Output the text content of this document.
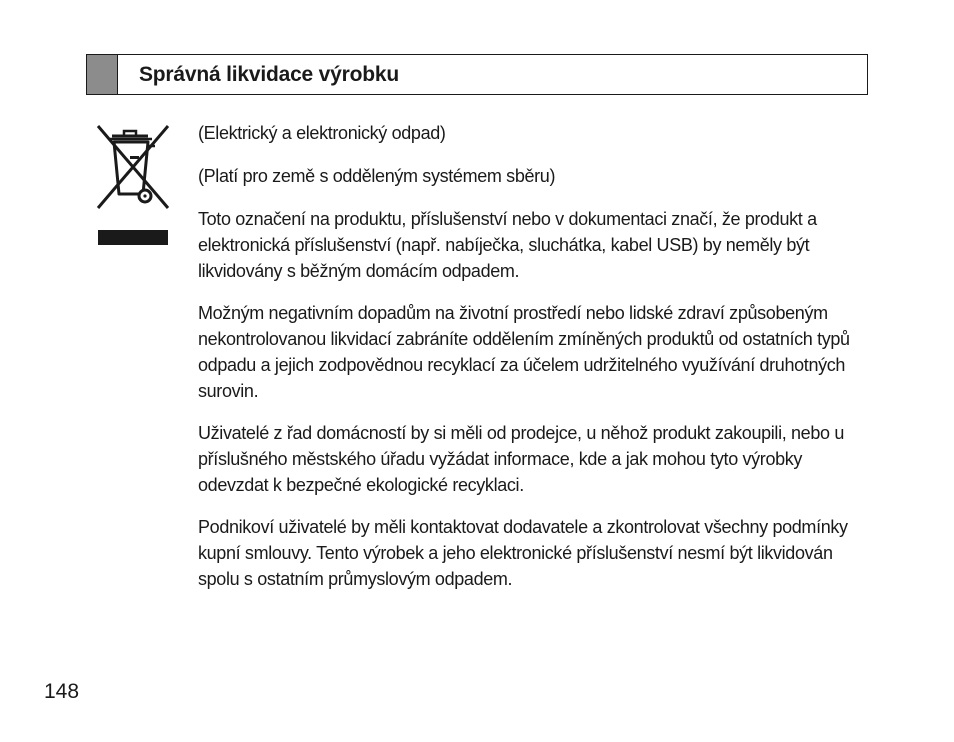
Správná likvidace výrobku

(Elektrický a elektronický odpad)

(Platí pro země s odděleným systémem sběru)

Toto označení na produktu, příslušenství nebo v dokumentaci značí, že produkt a elektronická příslušenství (např. nabíječka, sluchátka, kabel USB) by neměly být likvidovány s běžným domácím odpadem.

Možným negativním dopadům na životní prostředí nebo lidské zdraví způsobeným nekontrolovanou likvidací zabráníte oddělením zmíněných produktů od ostatních typů odpadu a jejich zodpovědnou recyklací za účelem udržitelného využívání druhotných surovin.

Uživatelé z řad domácností by si měli od prodejce, u něhož produkt zakoupili, nebo u příslušného městského úřadu vyžádat informace, kde a jak mohou tyto výrobky odevzdat k bezpečné ekologické recyklaci.

Podnikoví uživatelé by měli kontaktovat dodavatele a zkontrolovat všechny podmínky kupní smlouvy. Tento výrobek a jeho elektronické příslušenství nesmí být likvidován spolu s ostatním průmyslovým odpadem.

148
